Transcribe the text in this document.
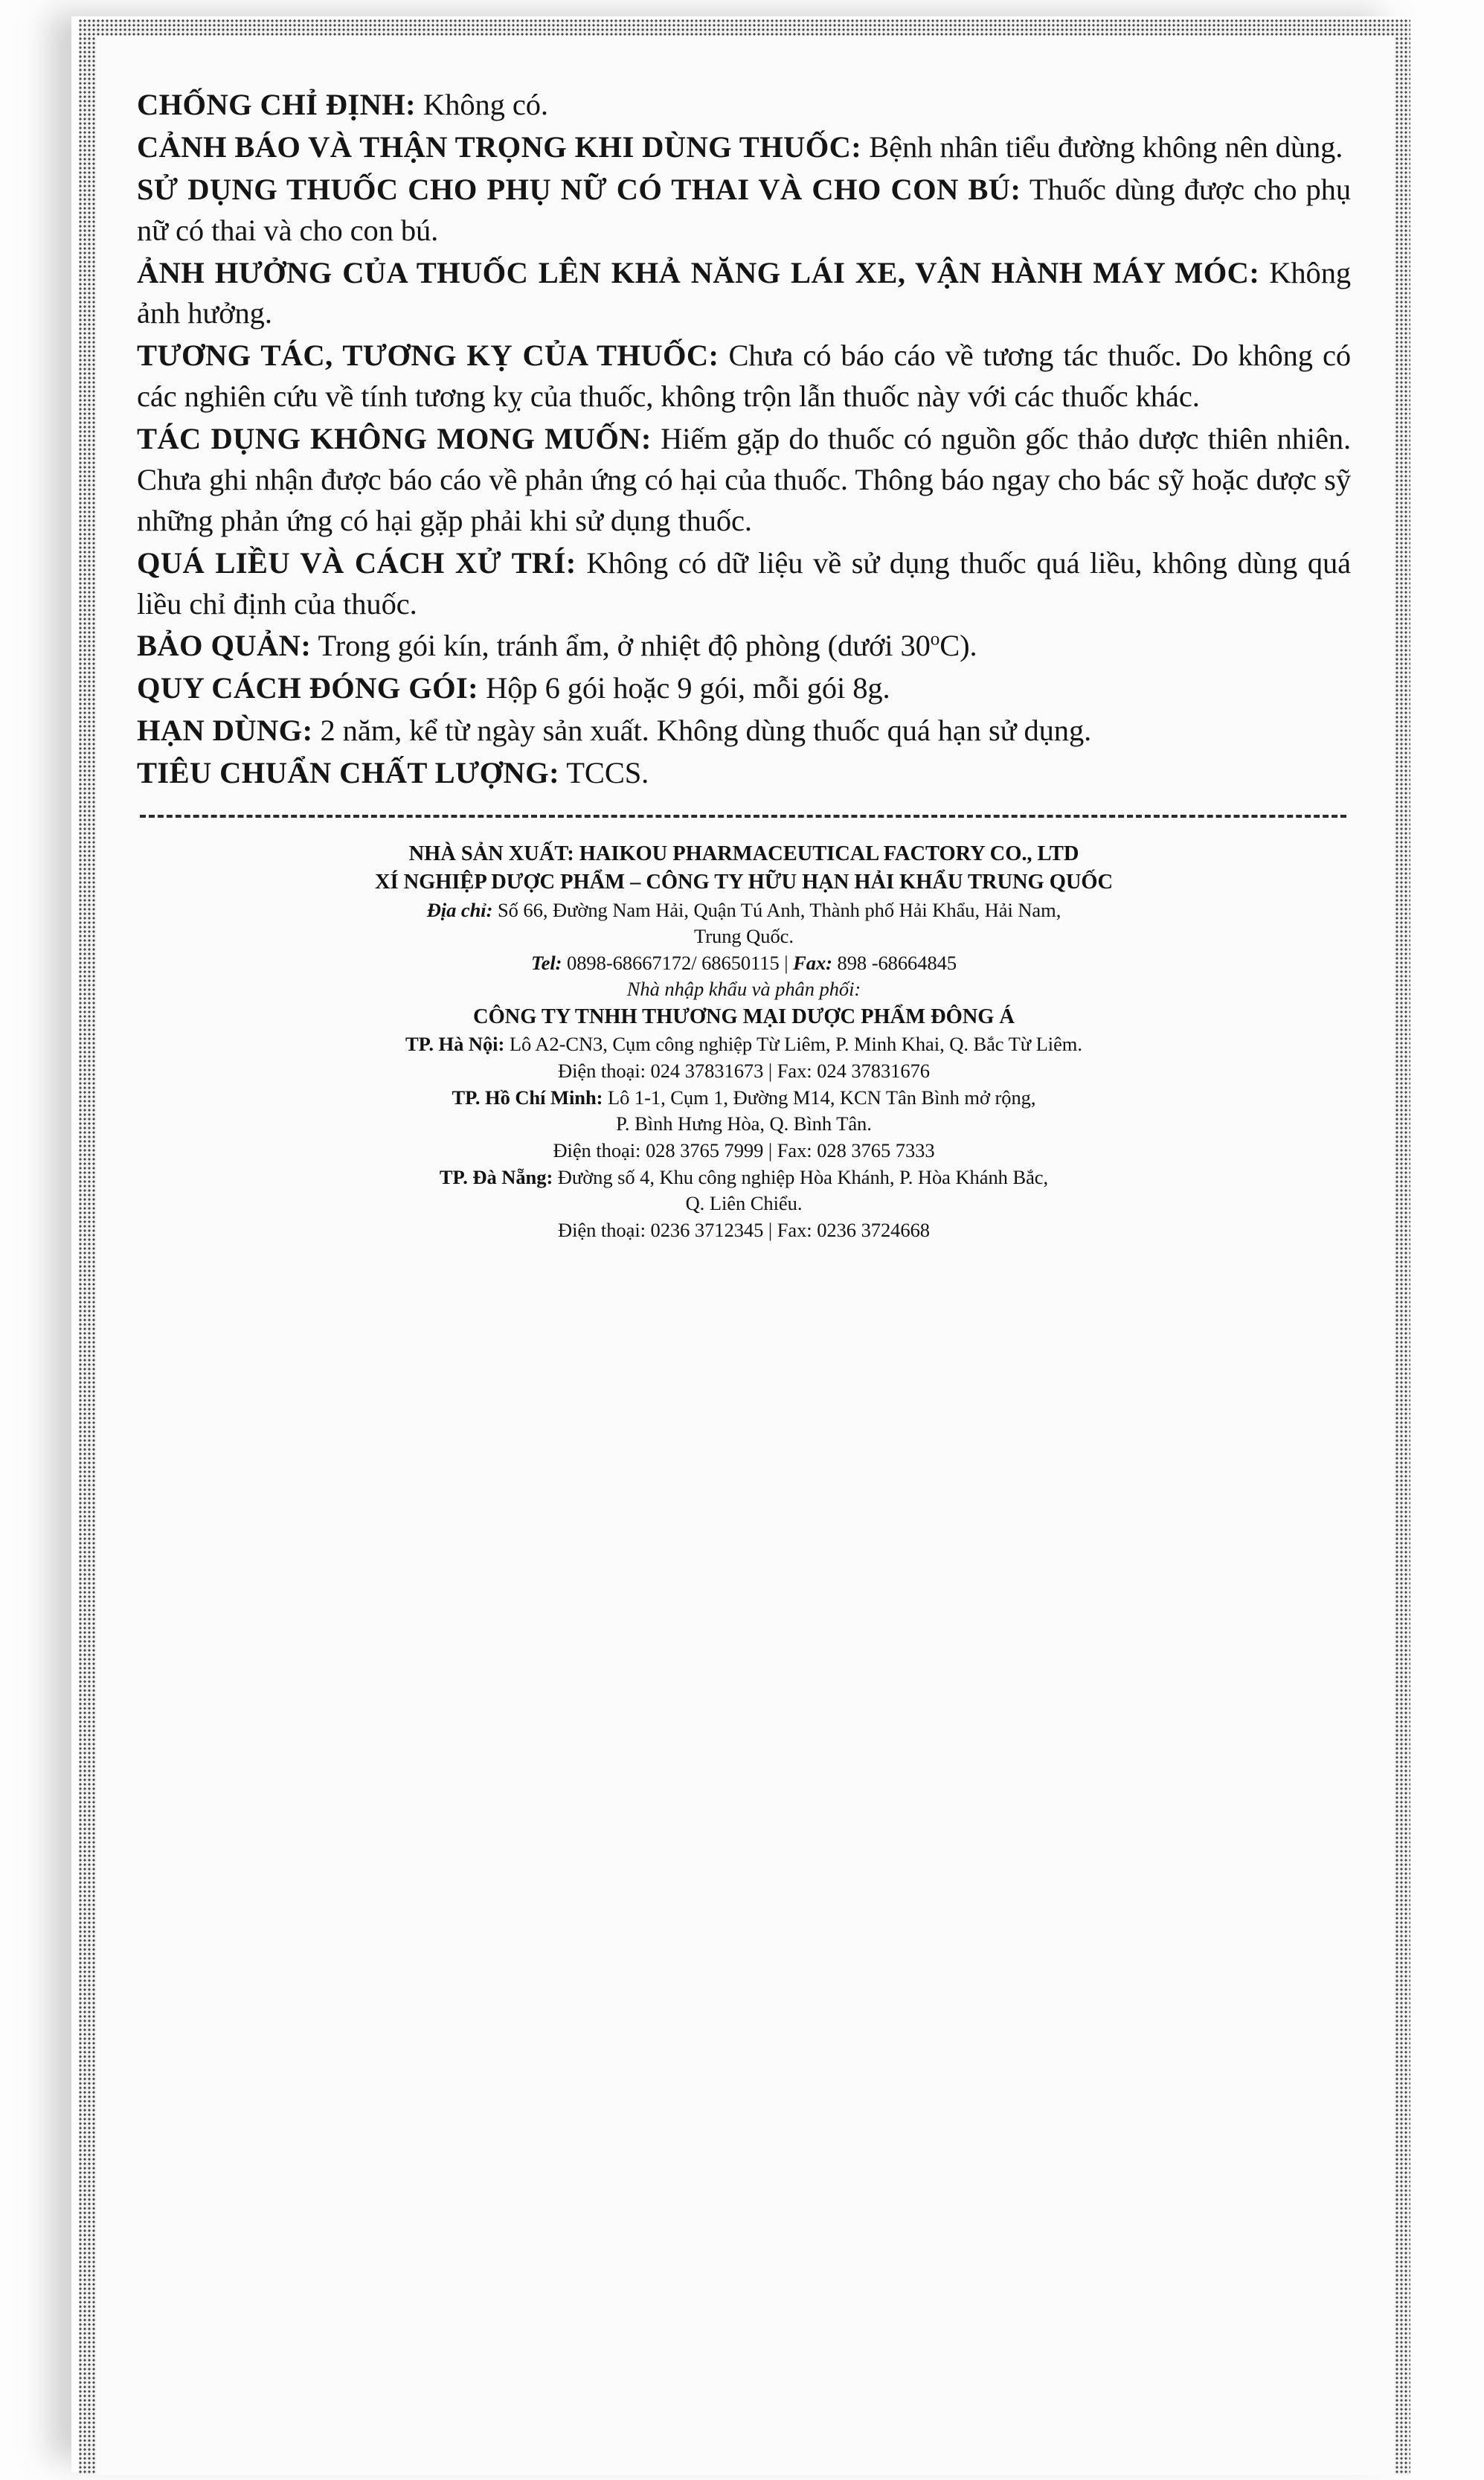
CHỐNG CHỈ ĐỊNH: Không có.

CẢNH BÁO VÀ THẬN TRỌNG KHI DÙNG THUỐC: Bệnh nhân tiểu đường không nên dùng.

SỬ DỤNG THUỐC CHO PHỤ NỮ CÓ THAI VÀ CHO CON BÚ: Thuốc dùng được cho phụ nữ có thai và cho con bú.

ẢNH HƯỞNG CỦA THUỐC LÊN KHẢ NĂNG LÁI XE, VẬN HÀNH MÁY MÓC: Không ảnh hưởng.

TƯƠNG TÁC, TƯƠNG KỴ CỦA THUỐC: Chưa có báo cáo về tương tác thuốc. Do không có các nghiên cứu về tính tương kỵ của thuốc, không trộn lẫn thuốc này với các thuốc khác.

TÁC DỤNG KHÔNG MONG MUỐN: Hiếm gặp do thuốc có nguồn gốc thảo dược thiên nhiên. Chưa ghi nhận được báo cáo về phản ứng có hại của thuốc. Thông báo ngay cho bác sỹ hoặc dược sỹ những phản ứng có hại gặp phải khi sử dụng thuốc.

QUÁ LIỀU VÀ CÁCH XỬ TRÍ: Không có dữ liệu về sử dụng thuốc quá liều, không dùng quá liều chỉ định của thuốc.

BẢO QUẢN: Trong gói kín, tránh ẩm, ở nhiệt độ phòng (dưới 30$^o$C).

QUY CÁCH ĐÓNG GÓI: Hộp 6 gói hoặc 9 gói, mỗi gói 8g.

HẠN DÙNG: 2 năm, kể từ ngày sản xuất. Không dùng thuốc quá hạn sử dụng.

TIÊU CHUẨN CHẤT LƯỢNG: TCCS.

NHÀ SẢN XUẤT: HAIKOU PHARMACEUTICAL FACTORY CO., LTD

XÍ NGHIỆP DƯỢC PHẨM – CÔNG TY HỮU HẠN HẢI KHẨU TRUNG QUỐC

Địa chỉ: Số 66, Đường Nam Hải, Quận Tú Anh, Thành phố Hải Khẩu, Hải Nam,

Trung Quốc.

Tel: 0898-68667172/ 68650115 | Fax: 898 -68664845

Nhà nhập khẩu và phân phối:

CÔNG TY TNHH THƯƠNG MẠI DƯỢC PHẨM ĐÔNG Á

TP. Hà Nội: Lô A2-CN3, Cụm công nghiệp Từ Liêm, P. Minh Khai, Q. Bắc Từ Liêm.

Điện thoại: 024 37831673 | Fax: 024 37831676

TP. Hồ Chí Minh: Lô 1-1, Cụm 1, Đường M14, KCN Tân Bình mở rộng,

P. Bình Hưng Hòa, Q. Bình Tân.

Điện thoại: 028 3765 7999 | Fax: 028 3765 7333

TP. Đà Nẵng: Đường số 4, Khu công nghiệp Hòa Khánh, P. Hòa Khánh Bắc,

Q. Liên Chiểu.

Điện thoại: 0236 3712345 | Fax: 0236 3724668
